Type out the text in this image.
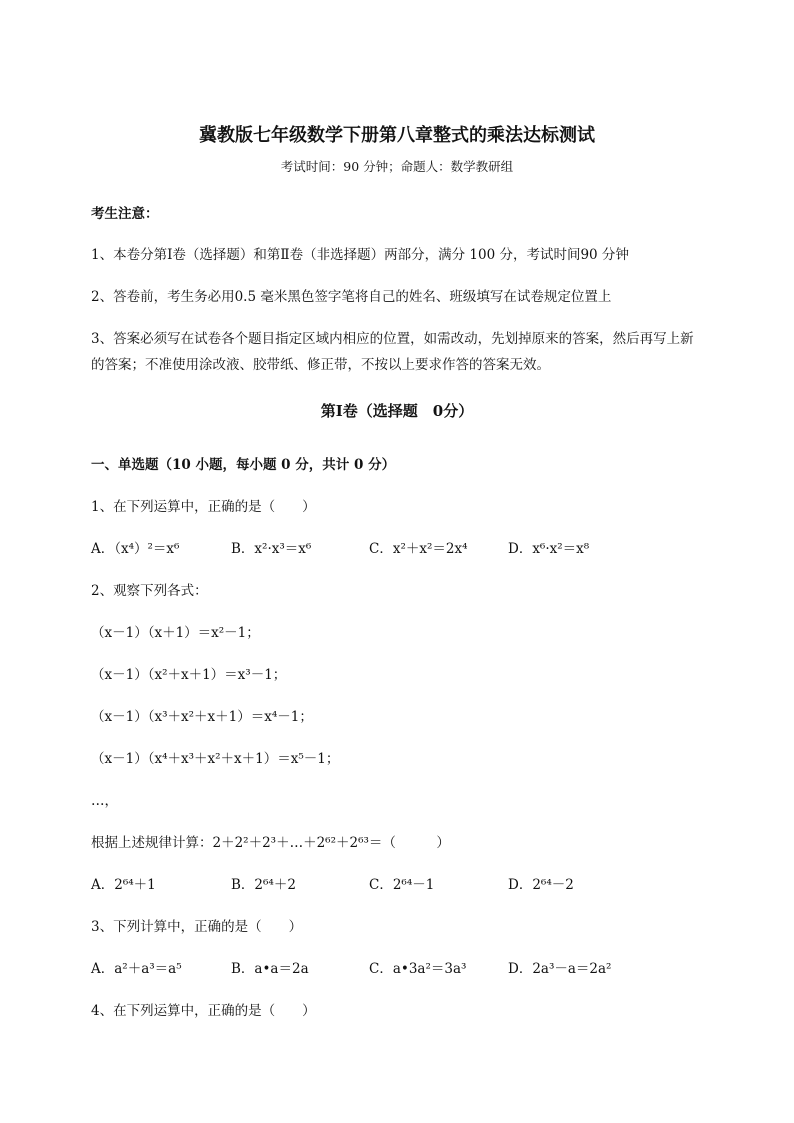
冀教版七年级数学下册第八章整式的乘法达标测试
考试时间：90 分钟；命题人：数学教研组
考生注意：
1、本卷分第Ⅰ卷（选择题）和第Ⅱ卷（非选择题）两部分，满分 100 分，考试时间90 分钟
2、答卷前，考生务必用0.5 毫米黑色签字笔将自己的姓名、班级填写在试卷规定位置上
3、答案必须写在试卷各个题目指定区域内相应的位置，如需改动，先划掉原来的答案，然后再写上新
的答案；不准使用涂改液、胶带纸、修正带，不按以上要求作答的答案无效。
第Ⅰ卷（选择题　0分）
一、单选题（10 小题，每小题 0 分，共计 0 分）
1、在下列运算中，正确的是（　　）
A．（x⁴）²＝x⁶	B．x²·x³＝x⁶	C．x²＋x²＝2x⁴	D．x⁶·x²＝x⁸
2、观察下列各式：
（x－1）（x＋1）＝x²－1；
（x－1）（x²＋x＋1）＝x³－1；
（x－1）（x³＋x²＋x＋1）＝x⁴－1；
（x－1）（x⁴＋x³＋x²＋x＋1）＝x⁵－1；
…，
根据上述规律计算：2＋2²＋2³＋…＋2⁶²＋2⁶³＝（　　　）
A．2⁶⁴＋1	B．2⁶⁴＋2	C．2⁶⁴－1	D．2⁶⁴－2
3、下列计算中，正确的是（　　）
A．a²＋a³＝a⁵	B．a•a＝2a	C．a•3a²＝3a³	D．2a³－a＝2a²
4、在下列运算中，正确的是（　　）
